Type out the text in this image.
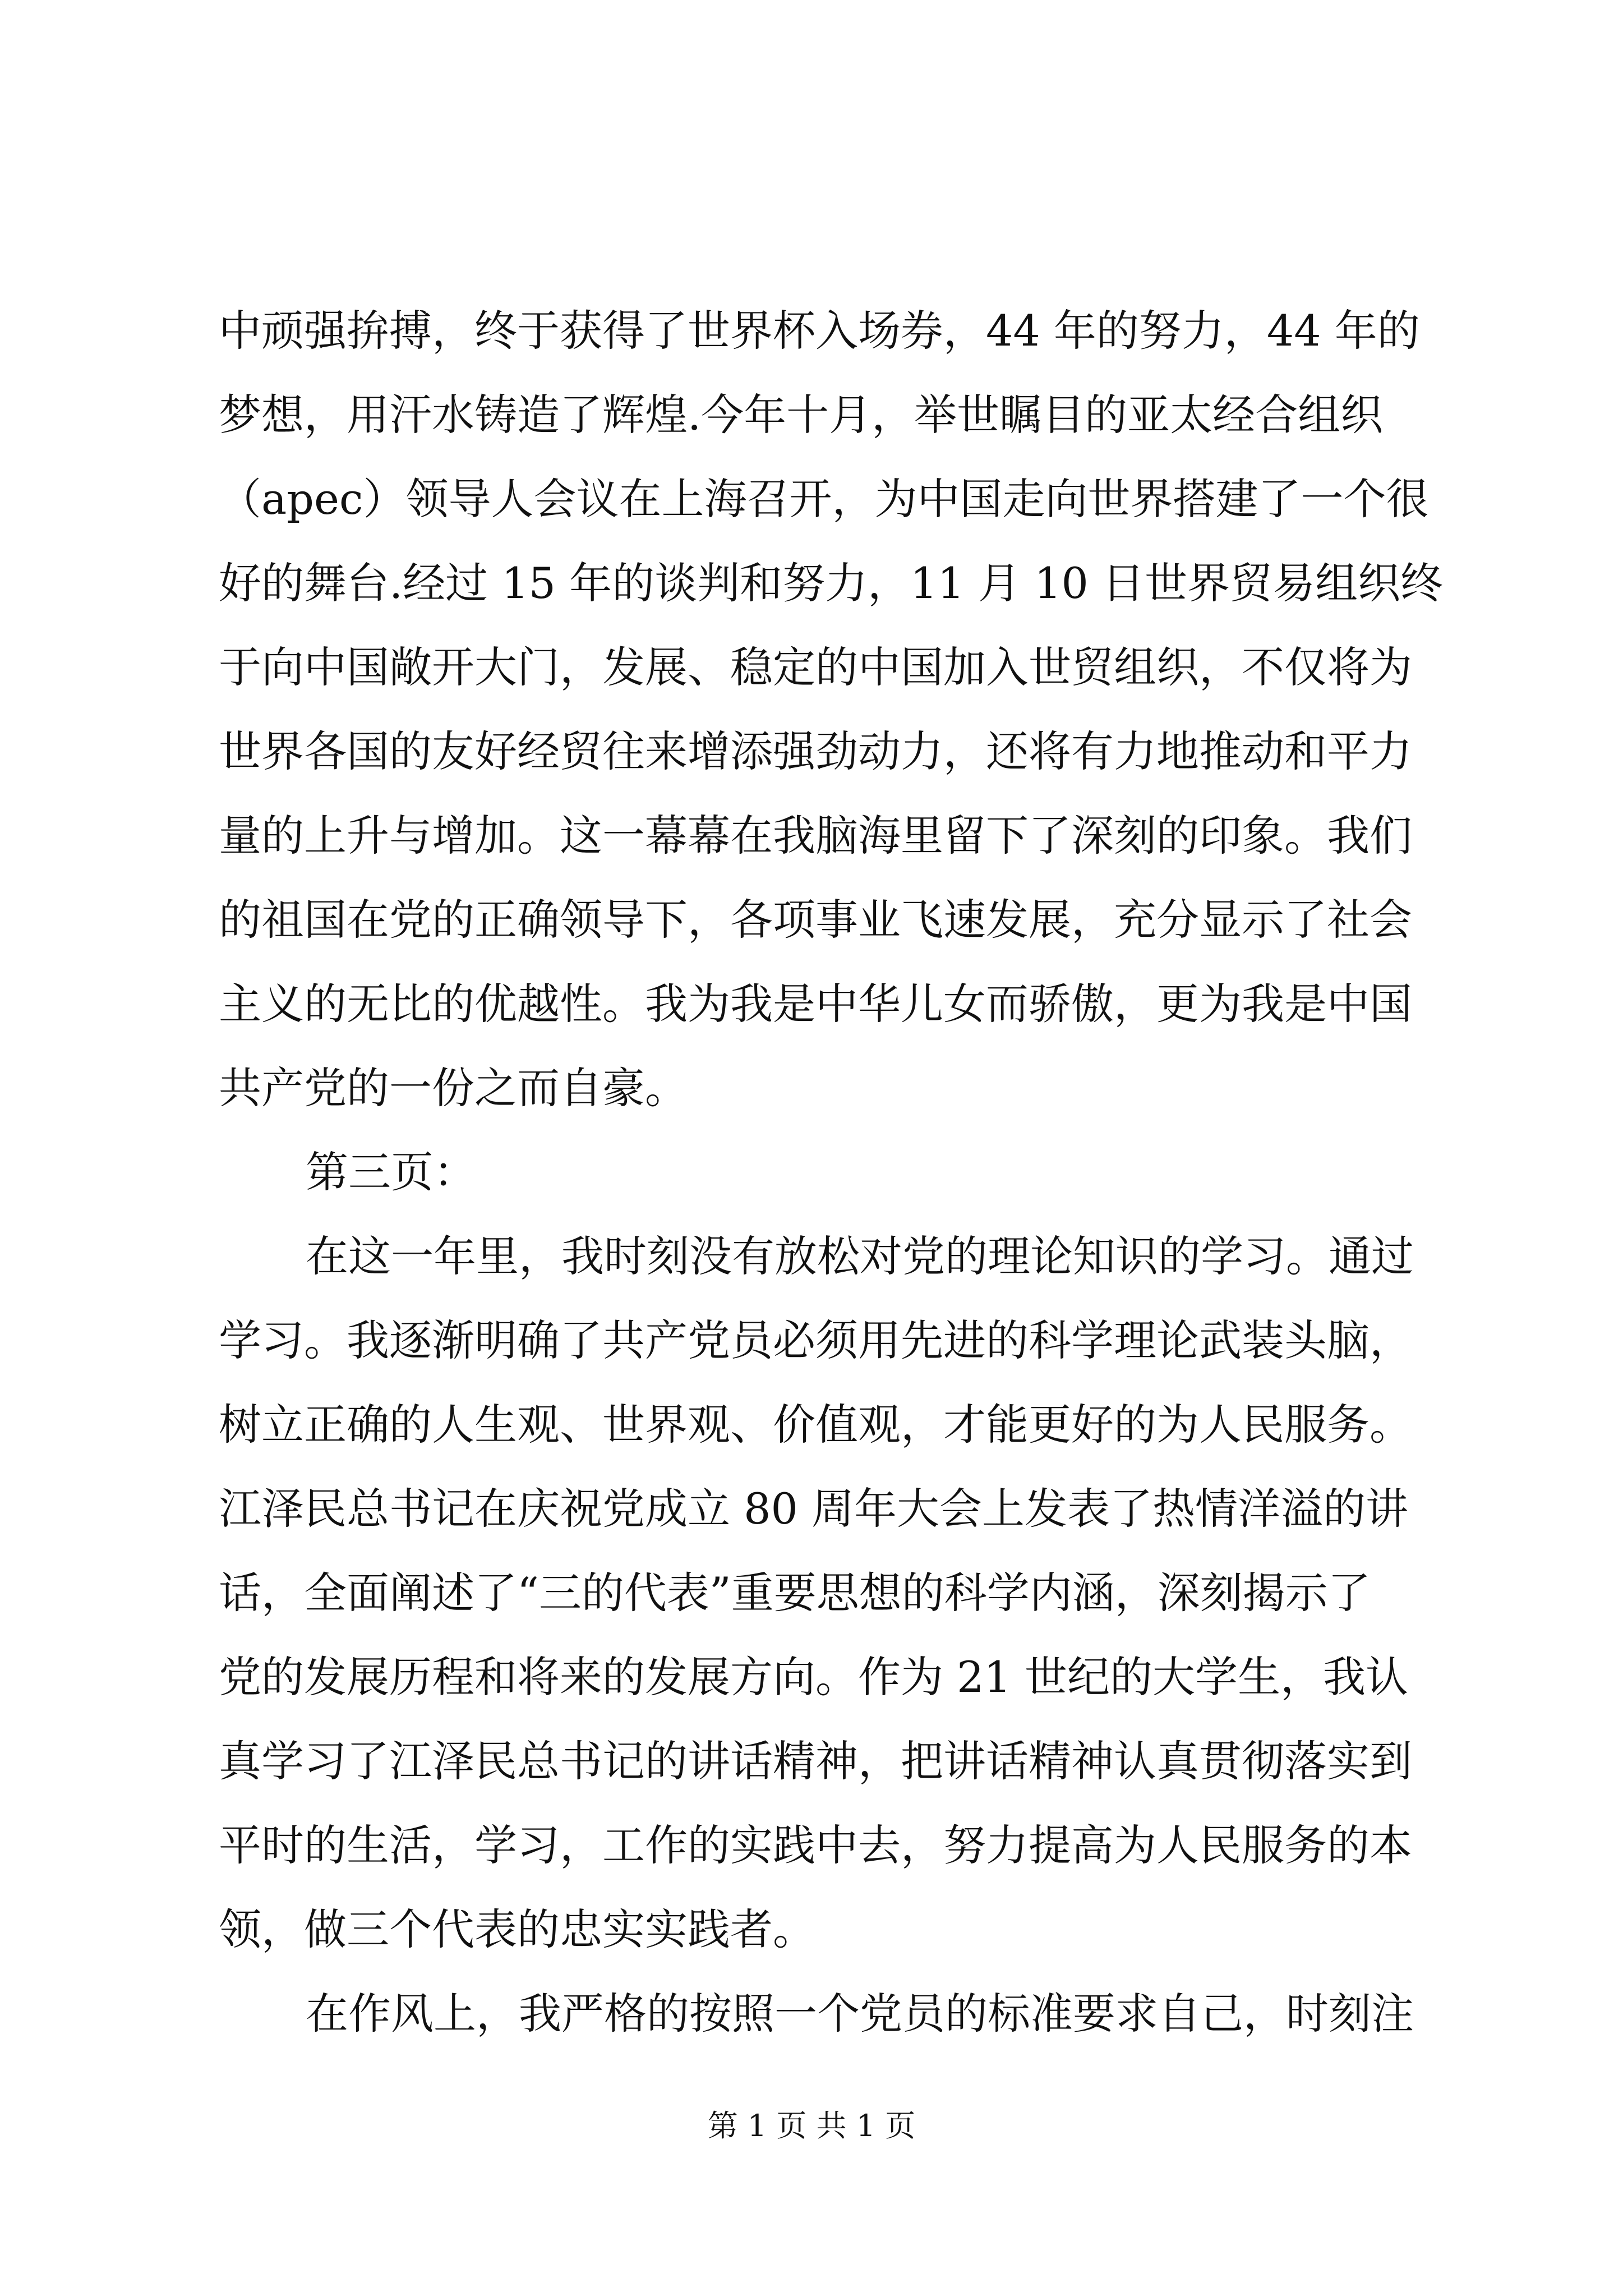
中顽强拚搏，终于获得了世界杯入场券，44 年的努力，44 年的
梦想，用汗水铸造了辉煌.今年十月，举世瞩目的亚太经合组织
（apec）领导人会议在上海召开，为中国走向世界搭建了一个很
好的舞台.经过 15 年的谈判和努力，11 月 10 日世界贸易组织终
于向中国敞开大门，发展、稳定的中国加入世贸组织，不仅将为
世界各国的友好经贸往来增添强劲动力，还将有力地推动和平力
量的上升与增加。这一幕幕在我脑海里留下了深刻的印象。我们
的祖国在党的正确领导下，各项事业飞速发展，充分显示了社会
主义的无比的优越性。我为我是中华儿女而骄傲，更为我是中国
共产党的一份之而自豪。
第三页：
在这一年里，我时刻没有放松对党的理论知识的学习。通过
学习。我逐渐明确了共产党员必须用先进的科学理论武装头脑，
树立正确的人生观、世界观、价值观，才能更好的为人民服务。
江泽民总书记在庆祝党成立 80 周年大会上发表了热情洋溢的讲
话，全面阐述了“三的代表”重要思想的科学内涵，深刻揭示了
党的发展历程和将来的发展方向。作为 21 世纪的大学生，我认
真学习了江泽民总书记的讲话精神，把讲话精神认真贯彻落实到
平时的生活，学习，工作的实践中去，努力提高为人民服务的本
领，做三个代表的忠实实践者。
在作风上，我严格的按照一个党员的标准要求自己，时刻注
第 1 页 共 1 页
